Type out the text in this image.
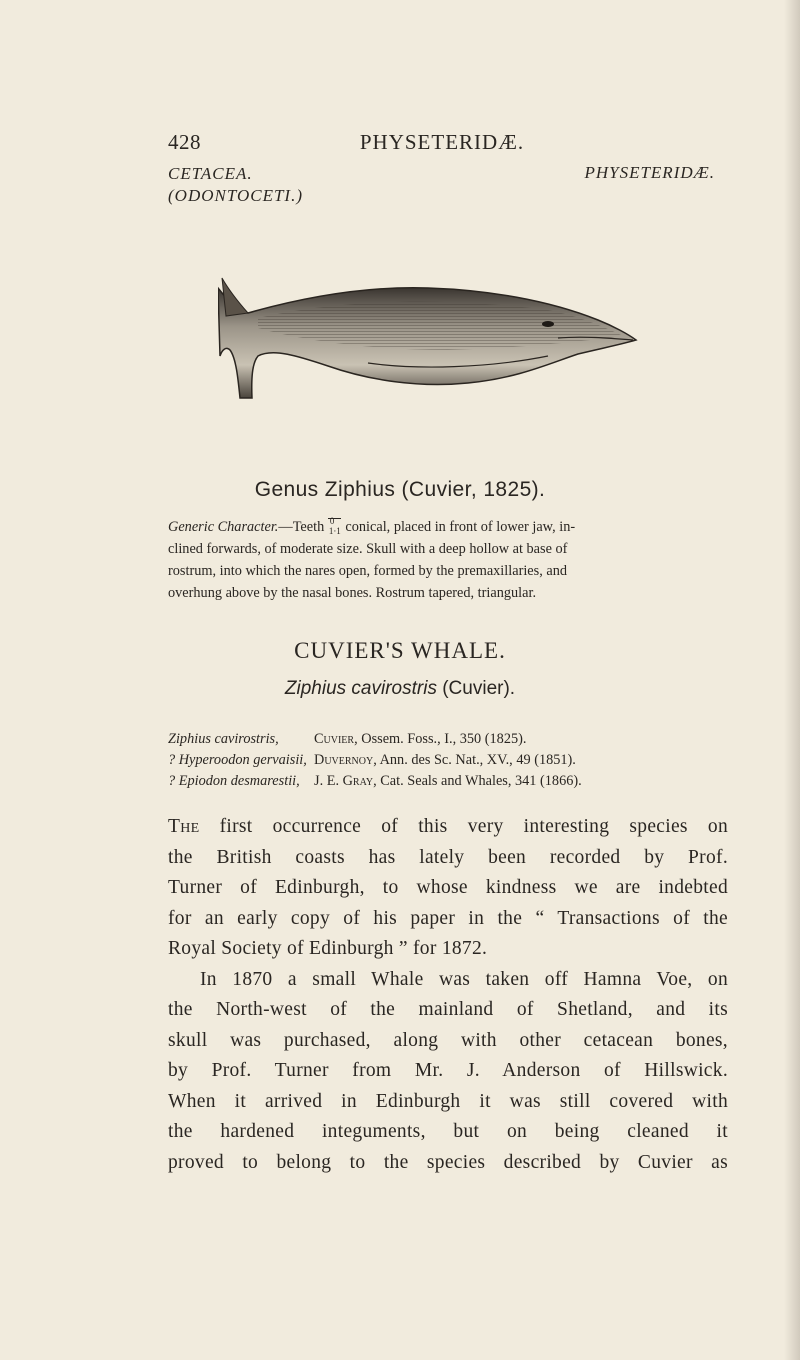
428	PHYSETERIDÆ.
CETACEA.
(ODONTOCETI.)
PHYSETERIDÆ.
Genus Ziphius (Cuvier, 1825).
Generic Character.—Teeth 0
1·1 conical, placed in front of lower jaw, in-
clined forwards, of moderate size. Skull with a deep hollow at base of
rostrum, into which the nares open, formed by the premaxillaries, and
overhung above by the nasal bones. Rostrum tapered, triangular.
CUVIER'S WHALE.
Ziphius cavirostris (Cuvier).
Ziphius cavirostris, Cuvier, Ossem. Foss., I., 350 (1825).
? Hyperoodon gervaisii, Duvernoy, Ann. des Sc. Nat., XV., 49 (1851).
? Epiodon desmarestii, J. E. Gray, Cat. Seals and Whales, 341 (1866).
The first occurrence of this very interesting species on
the British coasts has lately been recorded by Prof.
Turner of Edinburgh, to whose kindness we are indebted
for an early copy of his paper in the “ Transactions of the
Royal Society of Edinburgh ” for 1872.
In 1870 a small Whale was taken off Hamna Voe, on
the North-west of the mainland of Shetland, and its
skull was purchased, along with other cetacean bones,
by Prof. Turner from Mr. J. Anderson of Hillswick.
When it arrived in Edinburgh it was still covered with
the hardened integuments, but on being cleaned it
proved to belong to the species described by Cuvier as
